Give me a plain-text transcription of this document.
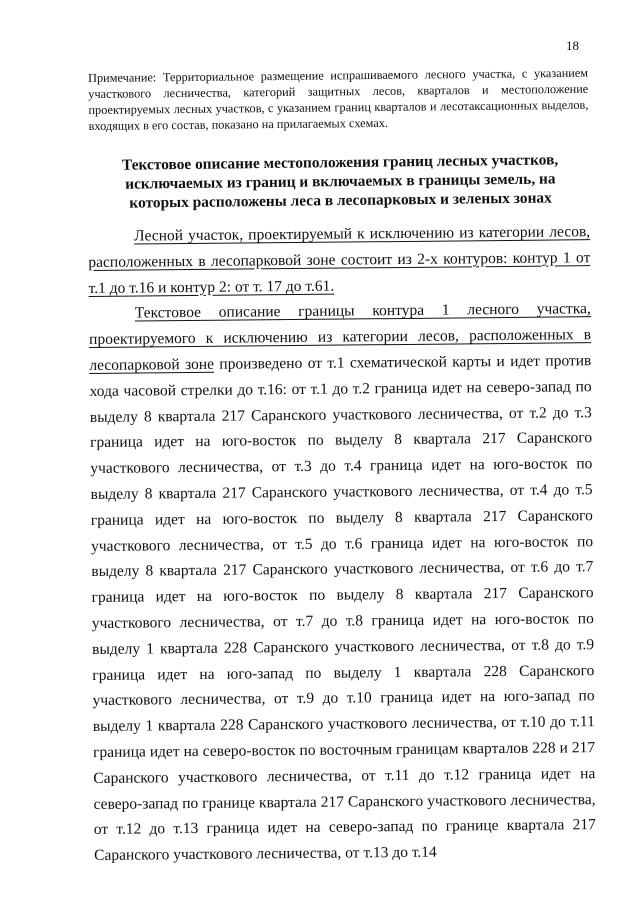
18
Примечание: Территориальное размещение испрашиваемого лесного участка, с указанием участкового лесничества, категорий защитных лесов, кварталов и местоположение проектируемых лесных участков, с указанием границ кварталов и лесотаксационных выделов, входящих в его состав, показано на прилагаемых схемах.
Текстовое описание местоположения границ лесных участков, исключаемых из границ и включаемых в границы земель, на которых расположены леса в лесопарковых и зеленых зонах

Лесной участок, проектируемый к исключению из категории лесов, расположенных в лесопарковой зоне состоит из 2-х контуров: контур 1 от т.1 до т.16 и контур 2: от т. 17 до т.61.

Текстовое описание границы контура 1 лесного участка, проектируемого к исключению из категории лесов, расположенных в лесопарковой зоне произведено от т.1 схематической карты и идет против хода часовой стрелки до т.16: от т.1 до т.2 граница идет на северо-запад по выделу 8 квартала 217 Саранского участкового лесничества, от т.2 до т.3 граница идет на юго-восток по выделу 8 квартала 217 Саранского участкового лесничества, от т.3 до т.4 граница идет на юго-восток по выделу 8 квартала 217 Саранского участкового лесничества, от т.4 до т.5 граница идет на юго-восток по выделу 8 квартала 217 Саранского участкового лесничества, от т.5 до т.6 граница идет на юго-восток по выделу 8 квартала 217 Саранского участкового лесничества, от т.6 до т.7 граница идет на юго-восток по выделу 8 квартала 217 Саранского участкового лесничества, от т.7 до т.8 граница идет на юго-восток по выделу 1 квартала 228 Саранского участкового лесничества, от т.8 до т.9 граница идет на юго-запад по выделу 1 квартала 228 Саранского участкового лесничества, от т.9 до т.10 граница идет на юго-запад по выделу 1 квартала 228 Саранского участкового лесничества, от т.10 до т.11 граница идет на северо-восток по восточным границам кварталов 228 и 217 Саранского участкового лесничества, от т.11 до т.12 граница идет на северо-запад по границе квартала 217 Саранского участкового лесничества, от т.12 до т.13 граница идет на северо-запад по границе квартала 217 Саранского участкового лесничества, от т.13 до т.14
